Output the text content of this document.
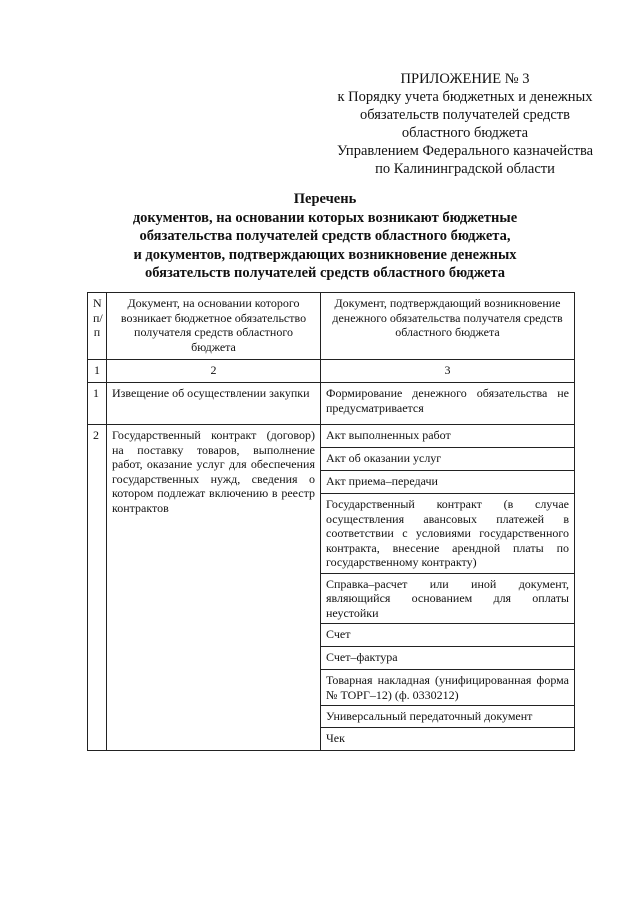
ПРИЛОЖЕНИЕ № 3
к Порядку учета бюджетных и денежных
обязательств получателей средств
областного бюджета
Управлением Федерального казначейства
по Калининградской области
Перечень
документов, на основании которых возникают бюджетные
обязательства получателей средств областного бюджета,
и документов, подтверждающих возникновение денежных
обязательств получателей средств областного бюджета
N п/п	Документ, на основании которого возникает бюджетное обязательство получателя средств областного бюджета	Документ, подтверждающий возникновение денежного обязательства получателя средств областного бюджета
1	2	3
1	Извещение об осуществлении закупки	Формирование денежного обязательства не предусматривается
2	Государственный контракт (договор) на поставку товаров, выполнение работ, оказание услуг для обеспечения государственных нужд, сведения о котором подлежат включению в реестр контрактов	Акт выполненных работ
		Акт об оказании услуг
		Акт приема–передачи
		Государственный контракт (в случае осуществления авансовых платежей в соответствии с условиями государственного контракта, внесение арендной платы по государственному контракту)
		Справка–расчет или иной документ, являющийся основанием для оплаты неустойки
		Счет
		Счет–фактура
		Товарная накладная (унифицированная форма № ТОРГ–12) (ф. 0330212)
		Универсальный передаточный документ
		Чек
